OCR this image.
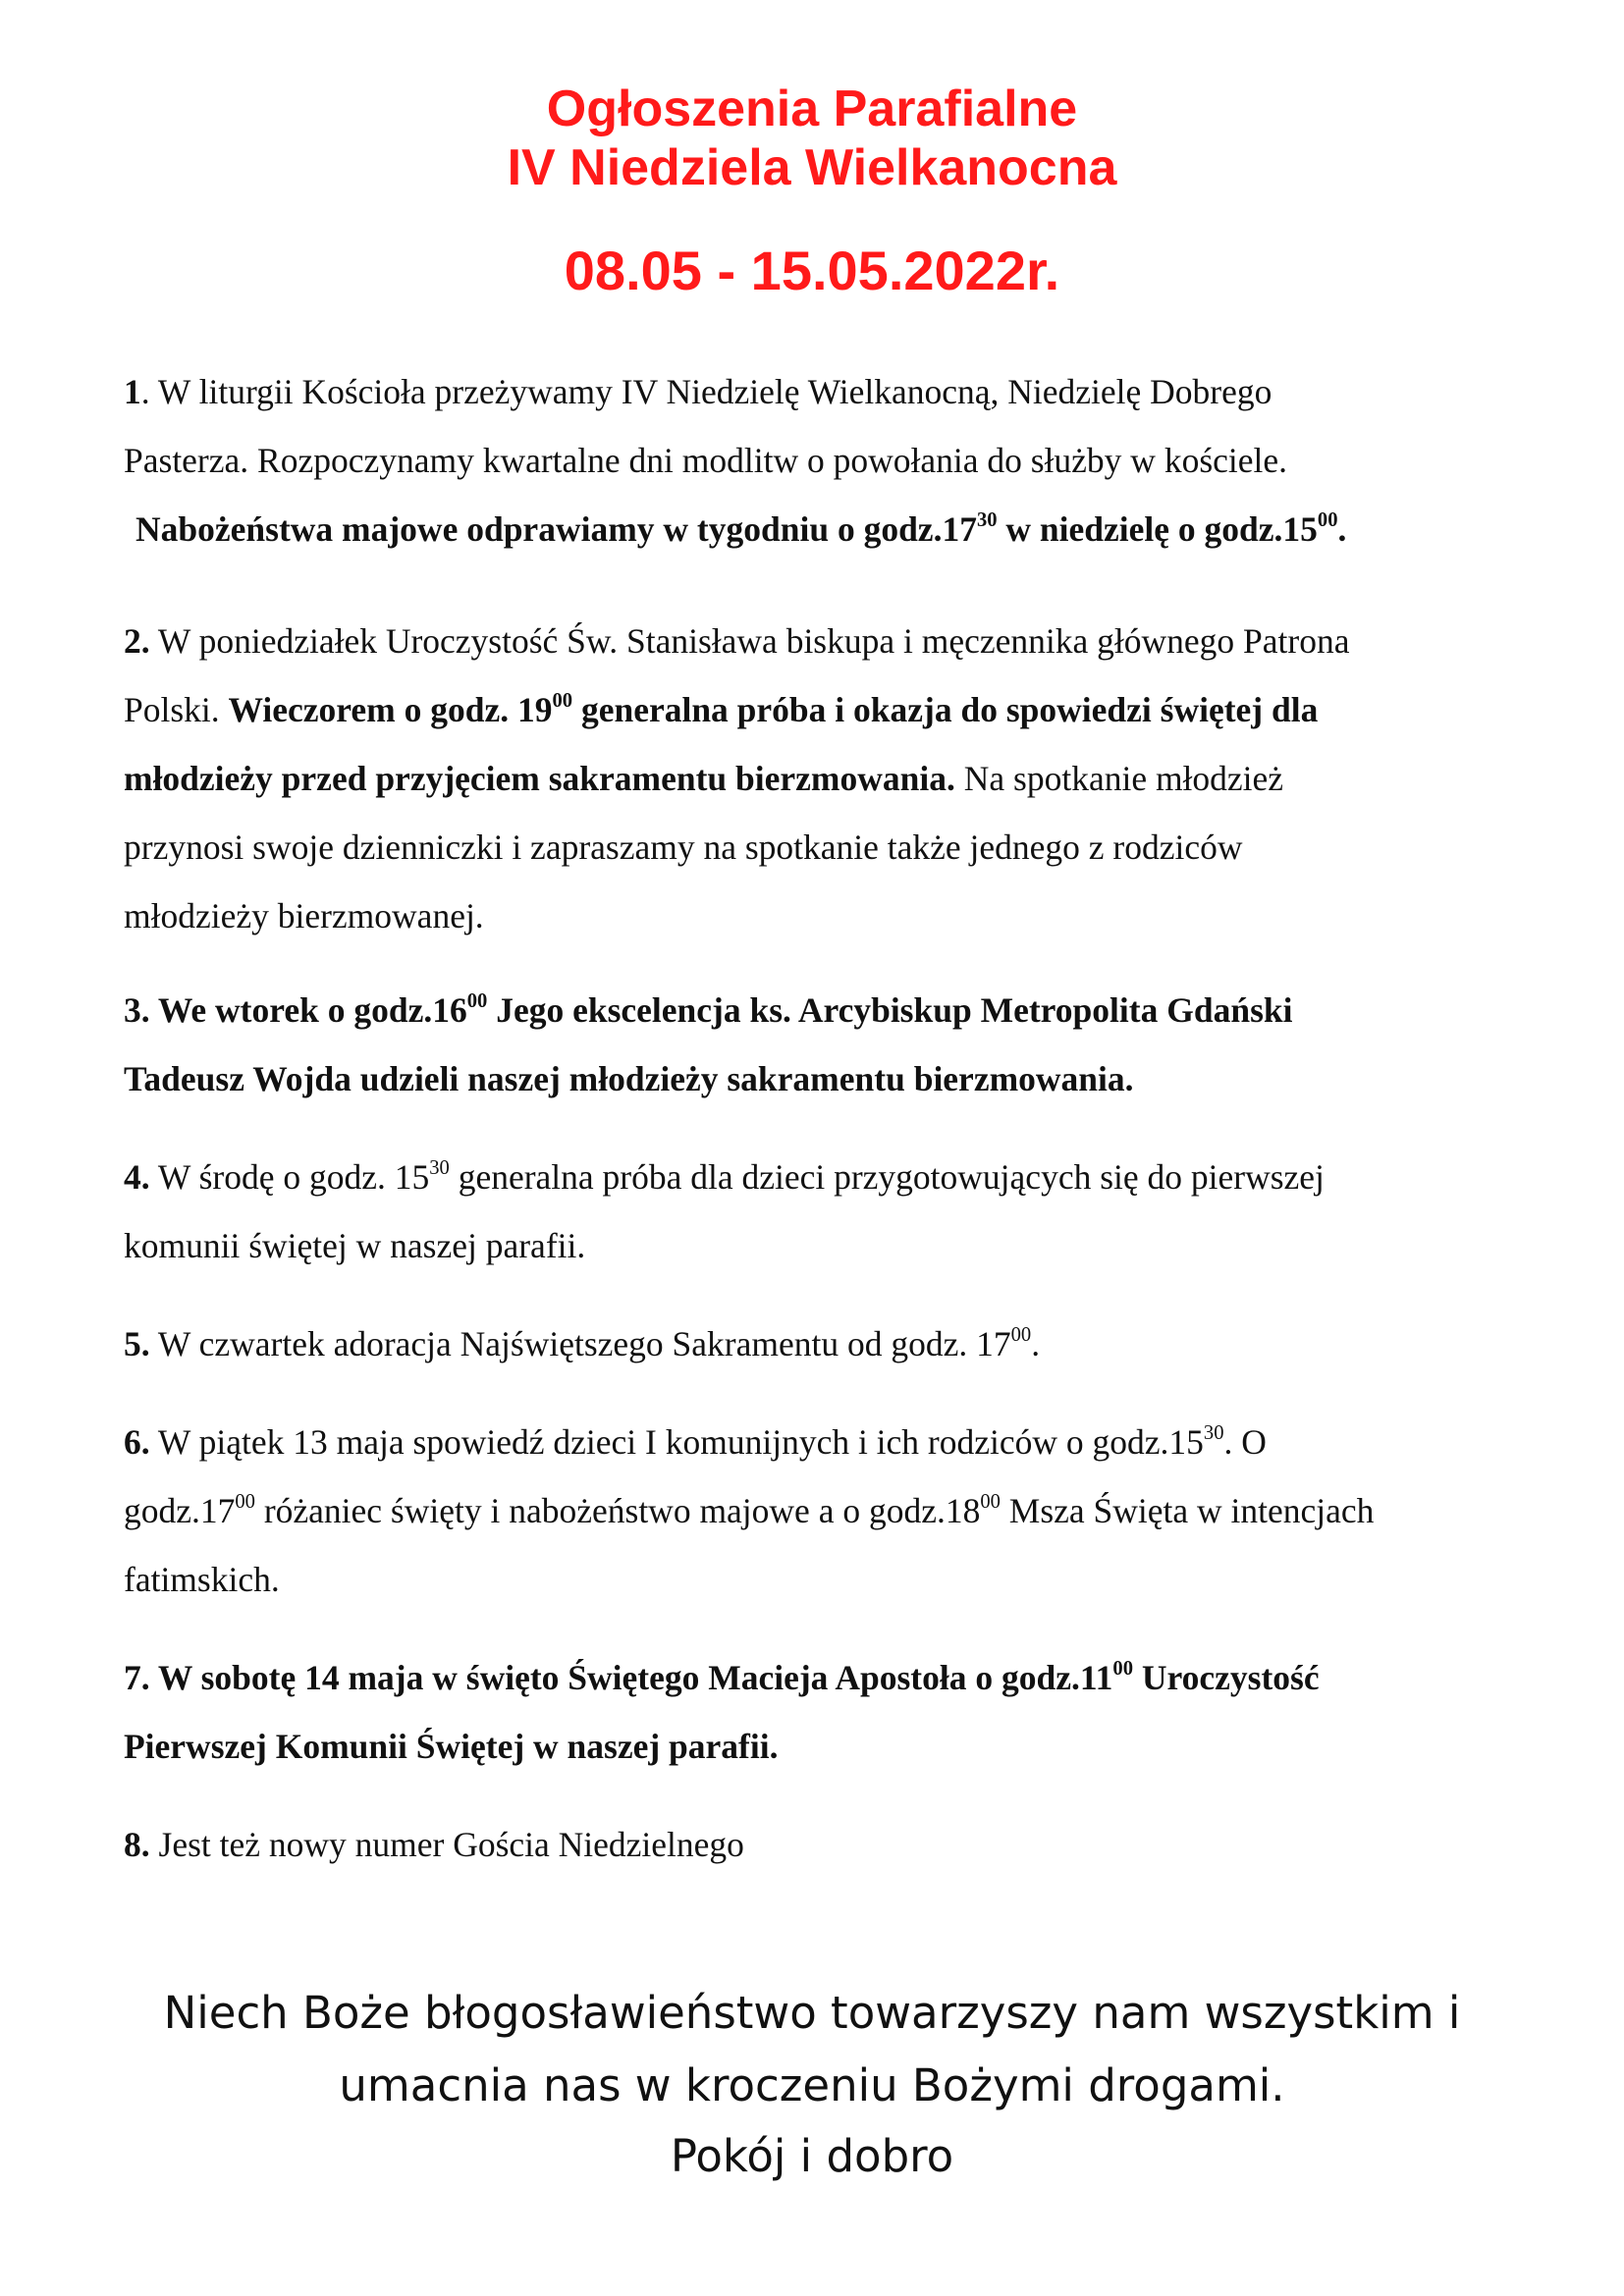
Ogłoszenia Parafialne
IV Niedziela Wielkanocna
08.05 - 15.05.2022r.
1. W liturgii Kościoła przeżywamy IV Niedzielę Wielkanocną, Niedzielę Dobrego
Pasterza. Rozpoczynamy kwartalne dni modlitw o powołania do służby w kościele.
Nabożeństwa majowe odprawiamy w tygodniu o $godz.17^{30}$ w niedzielę o $godz.15^{00}$.
2. W poniedziałek Uroczystość Św. Stanisława biskupa i męczennika głównego Patrona
Polski. Wieczorem o godz. $19^{00}$ generalna próba i okazja do spowiedzi świętej dla
młodzieży przed przyjęciem sakramentu bierzmowania. Na spotkanie młodzież
przynosi swoje dzienniczki i zapraszamy na spotkanie także jednego z rodziców
młodzieży bierzmowanej.
3. We wtorek o $godz.16^{00}$ Jego ekscelencja ks. Arcybiskup Metropolita Gdański
Tadeusz Wojda udzieli naszej młodzieży sakramentu bierzmowania.
4. W środę o godz. $15^{30}$ generalna próba dla dzieci przygotowujących się do pierwszej
komunii świętej w naszej parafii.
5. W czwartek adoracja Najświętszego Sakramentu od godz. $17^{00}$.
6. W piątek 13 maja spowiedź dzieci I komunijnych i ich rodziców o $godz.15^{30}$. O
$godz.17^{00}$ różaniec święty i nabożeństwo majowe a o $godz.18^{00}$ Msza Święta w intencjach
fatimskich.
7. W sobotę 14 maja w święto Świętego Macieja Apostoła o $godz.11^{00}$ Uroczystość
Pierwszej Komunii Świętej w naszej parafii.
8. Jest też nowy numer Gościa Niedzielnego
Niech Boże błogosławieństwo towarzyszy nam wszystkim i
umacnia nas w kroczeniu Bożymi drogami.
Pokój i dobro
